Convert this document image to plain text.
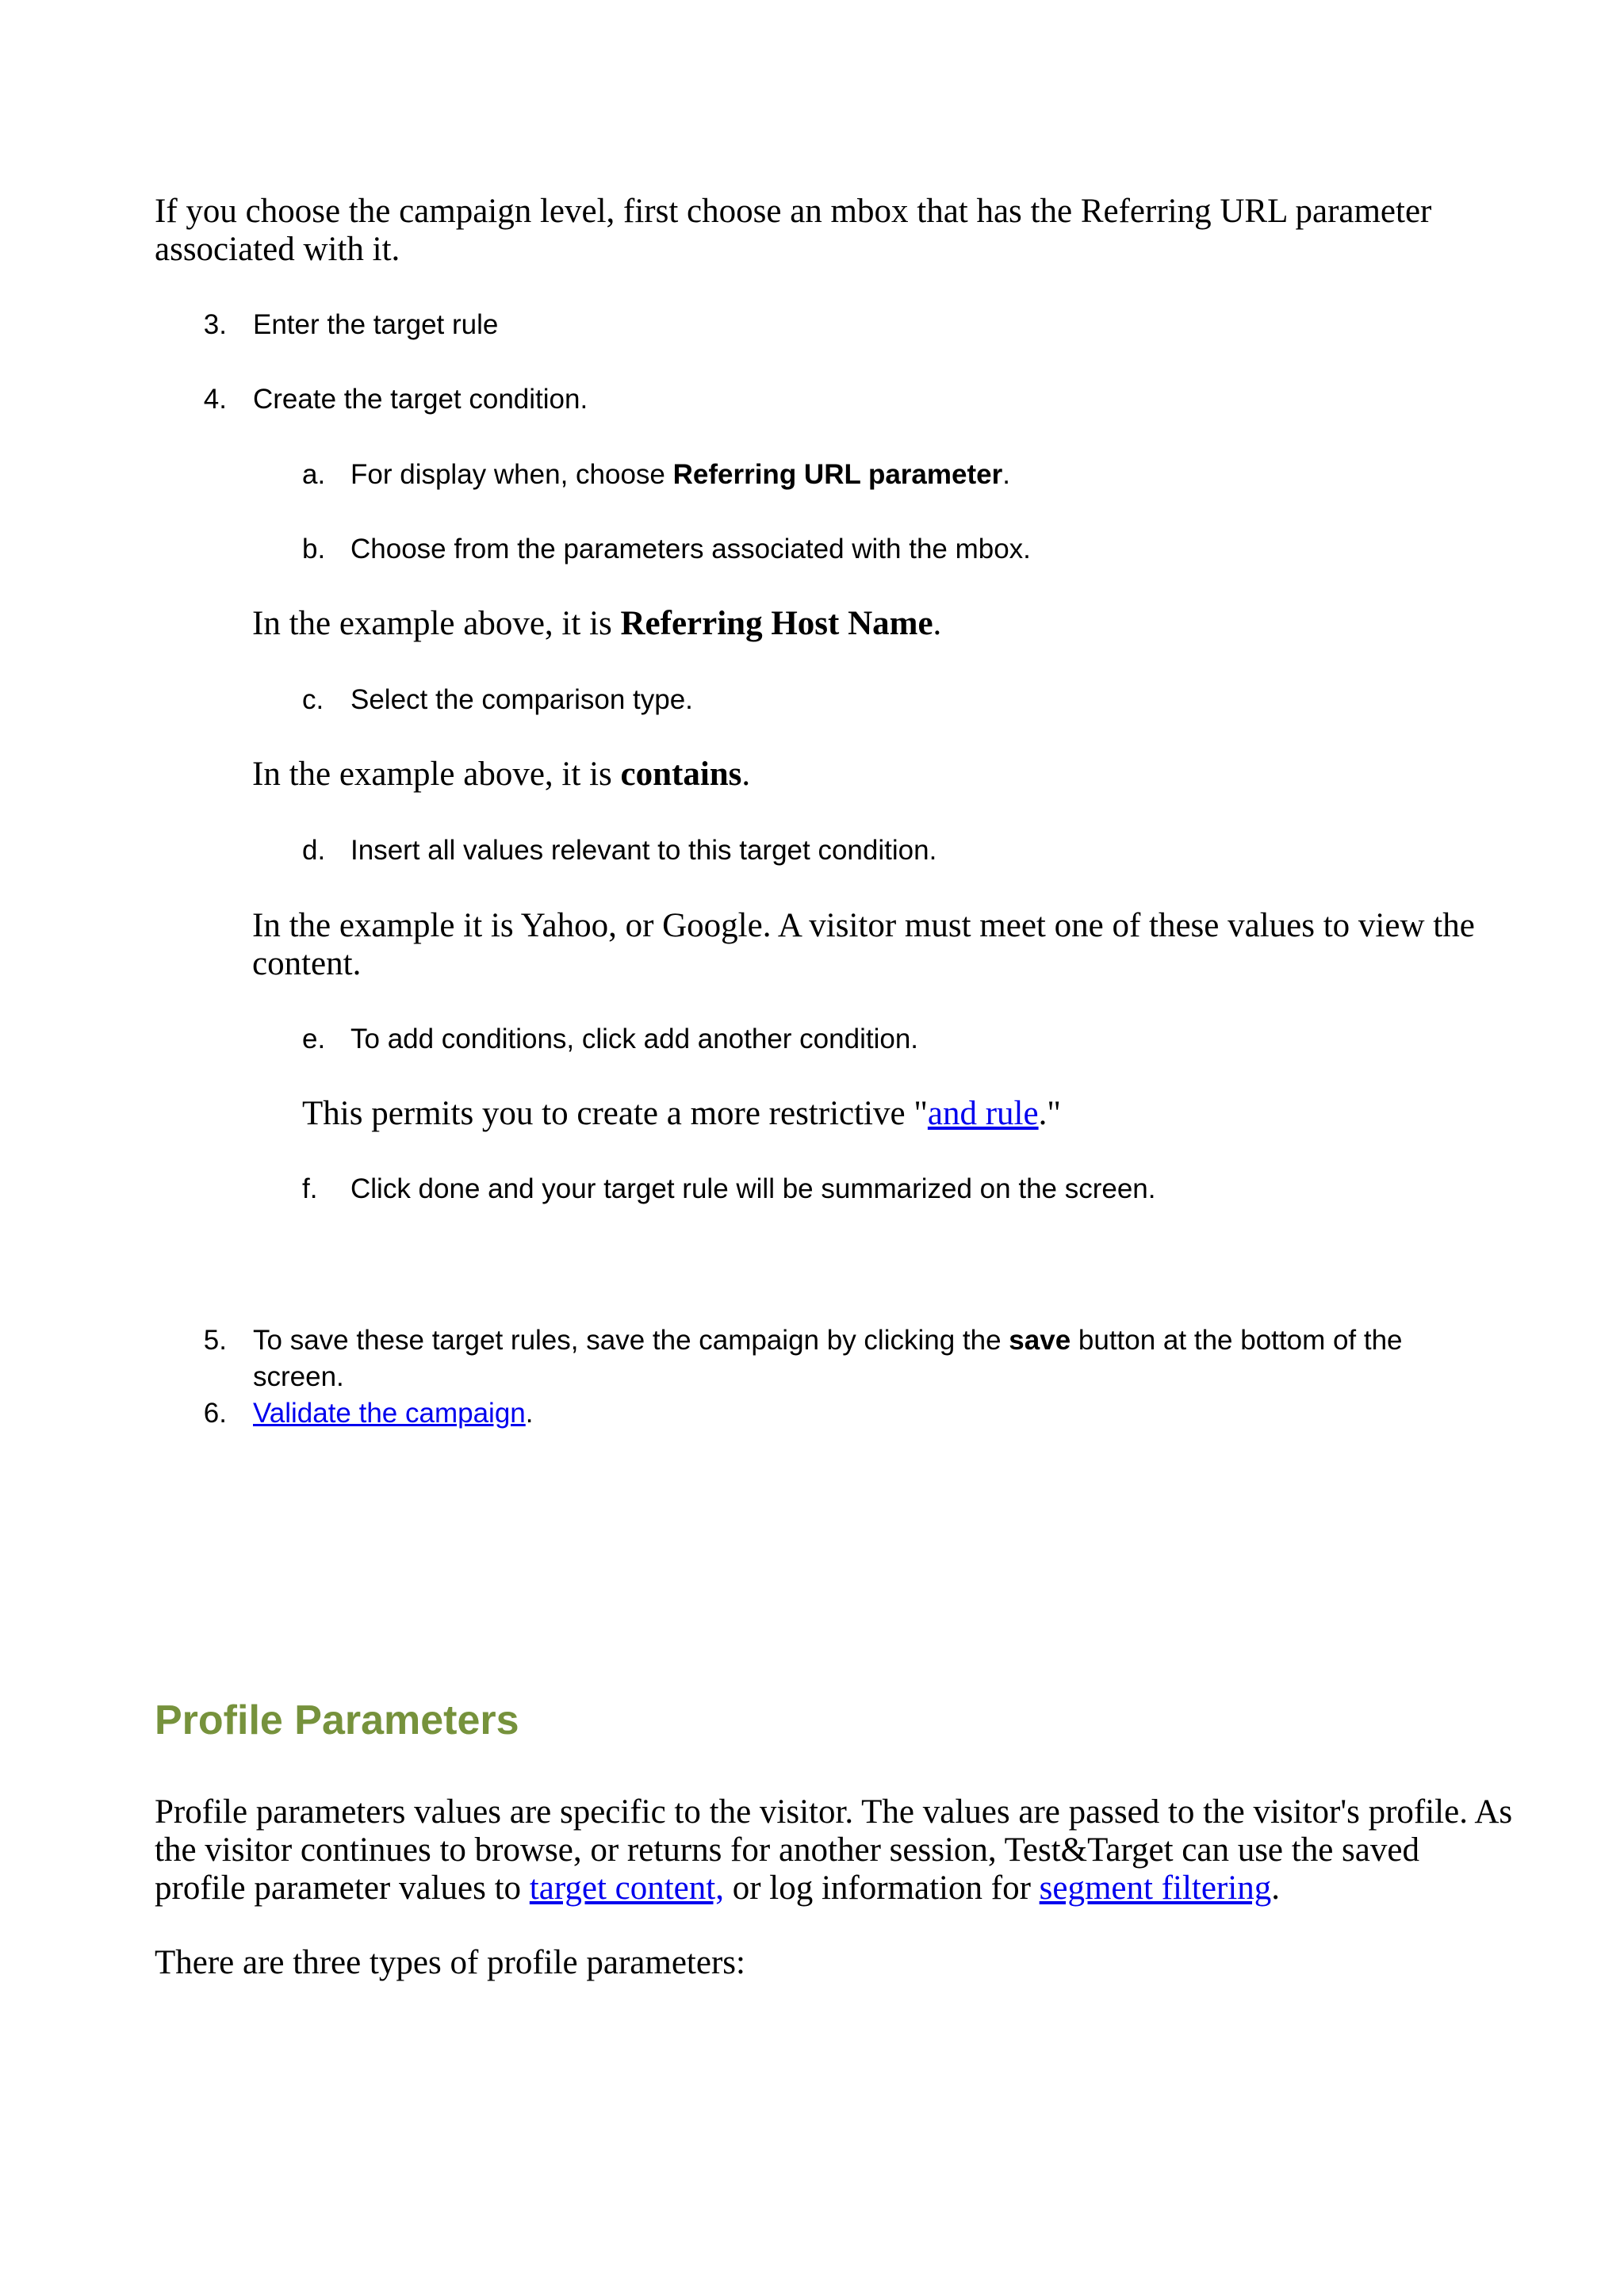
If you choose the campaign level, first choose an mbox that has the Referring URL parameter
associated with it.
3. Enter the target rule
4. Create the target condition.
a. For display when, choose Referring URL parameter.
b. Choose from the parameters associated with the mbox.
In the example above, it is Referring Host Name.
c. Select the comparison type.
In the example above, it is contains.
d. Insert all values relevant to this target condition.
In the example it is Yahoo, or Google. A visitor must meet one of these values to view the
content.
e. To add conditions, click add another condition.
This permits you to create a more restrictive "and rule."
f. Click done and your target rule will be summarized on the screen.
5. To save these target rules, save the campaign by clicking the save button at the bottom of the
screen.
6. Validate the campaign.
Profile Parameters
Profile parameters values are specific to the visitor. The values are passed to the visitor's profile. As
the visitor continues to browse, or returns for another session, Test&Target can use the saved
profile parameter values to target content, or log information for segment filtering.
There are three types of profile parameters:
